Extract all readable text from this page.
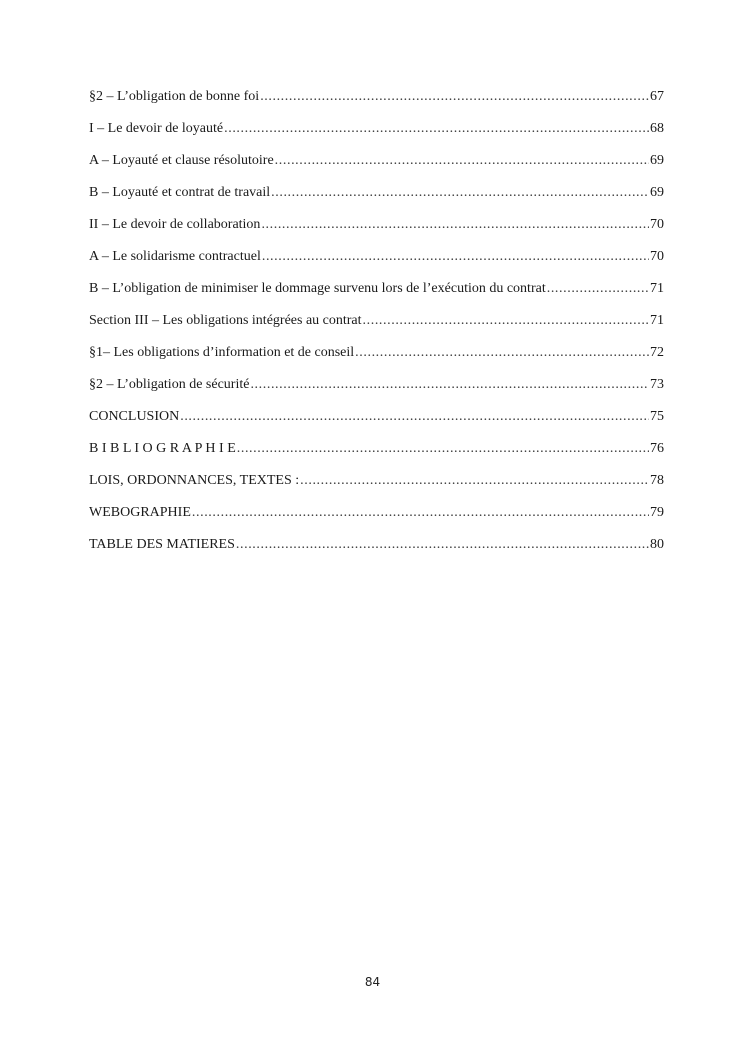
§2 – L’obligation de bonne foi .....	67
I – Le devoir de loyauté .....	68
A – Loyauté et clause résolutoire .....	69
B – Loyauté et contrat de travail .....	69
II – Le devoir de collaboration .....	70
A – Le solidarisme contractuel .....	70
B – L’obligation de minimiser le dommage survenu lors de l’exécution du contrat .....	71
Section III – Les obligations intégrées au contrat .....	71
§1– Les obligations d’information et de conseil .....	72
§2 – L’obligation de sécurité .....	73
CONCLUSION .....	75
B I B L I O G R A P H I E .....	76
LOIS, ORDONNANCES, TEXTES : .....	78
WEBOGRAPHIE .....	79
TABLE DES MATIERES .....	80
84
